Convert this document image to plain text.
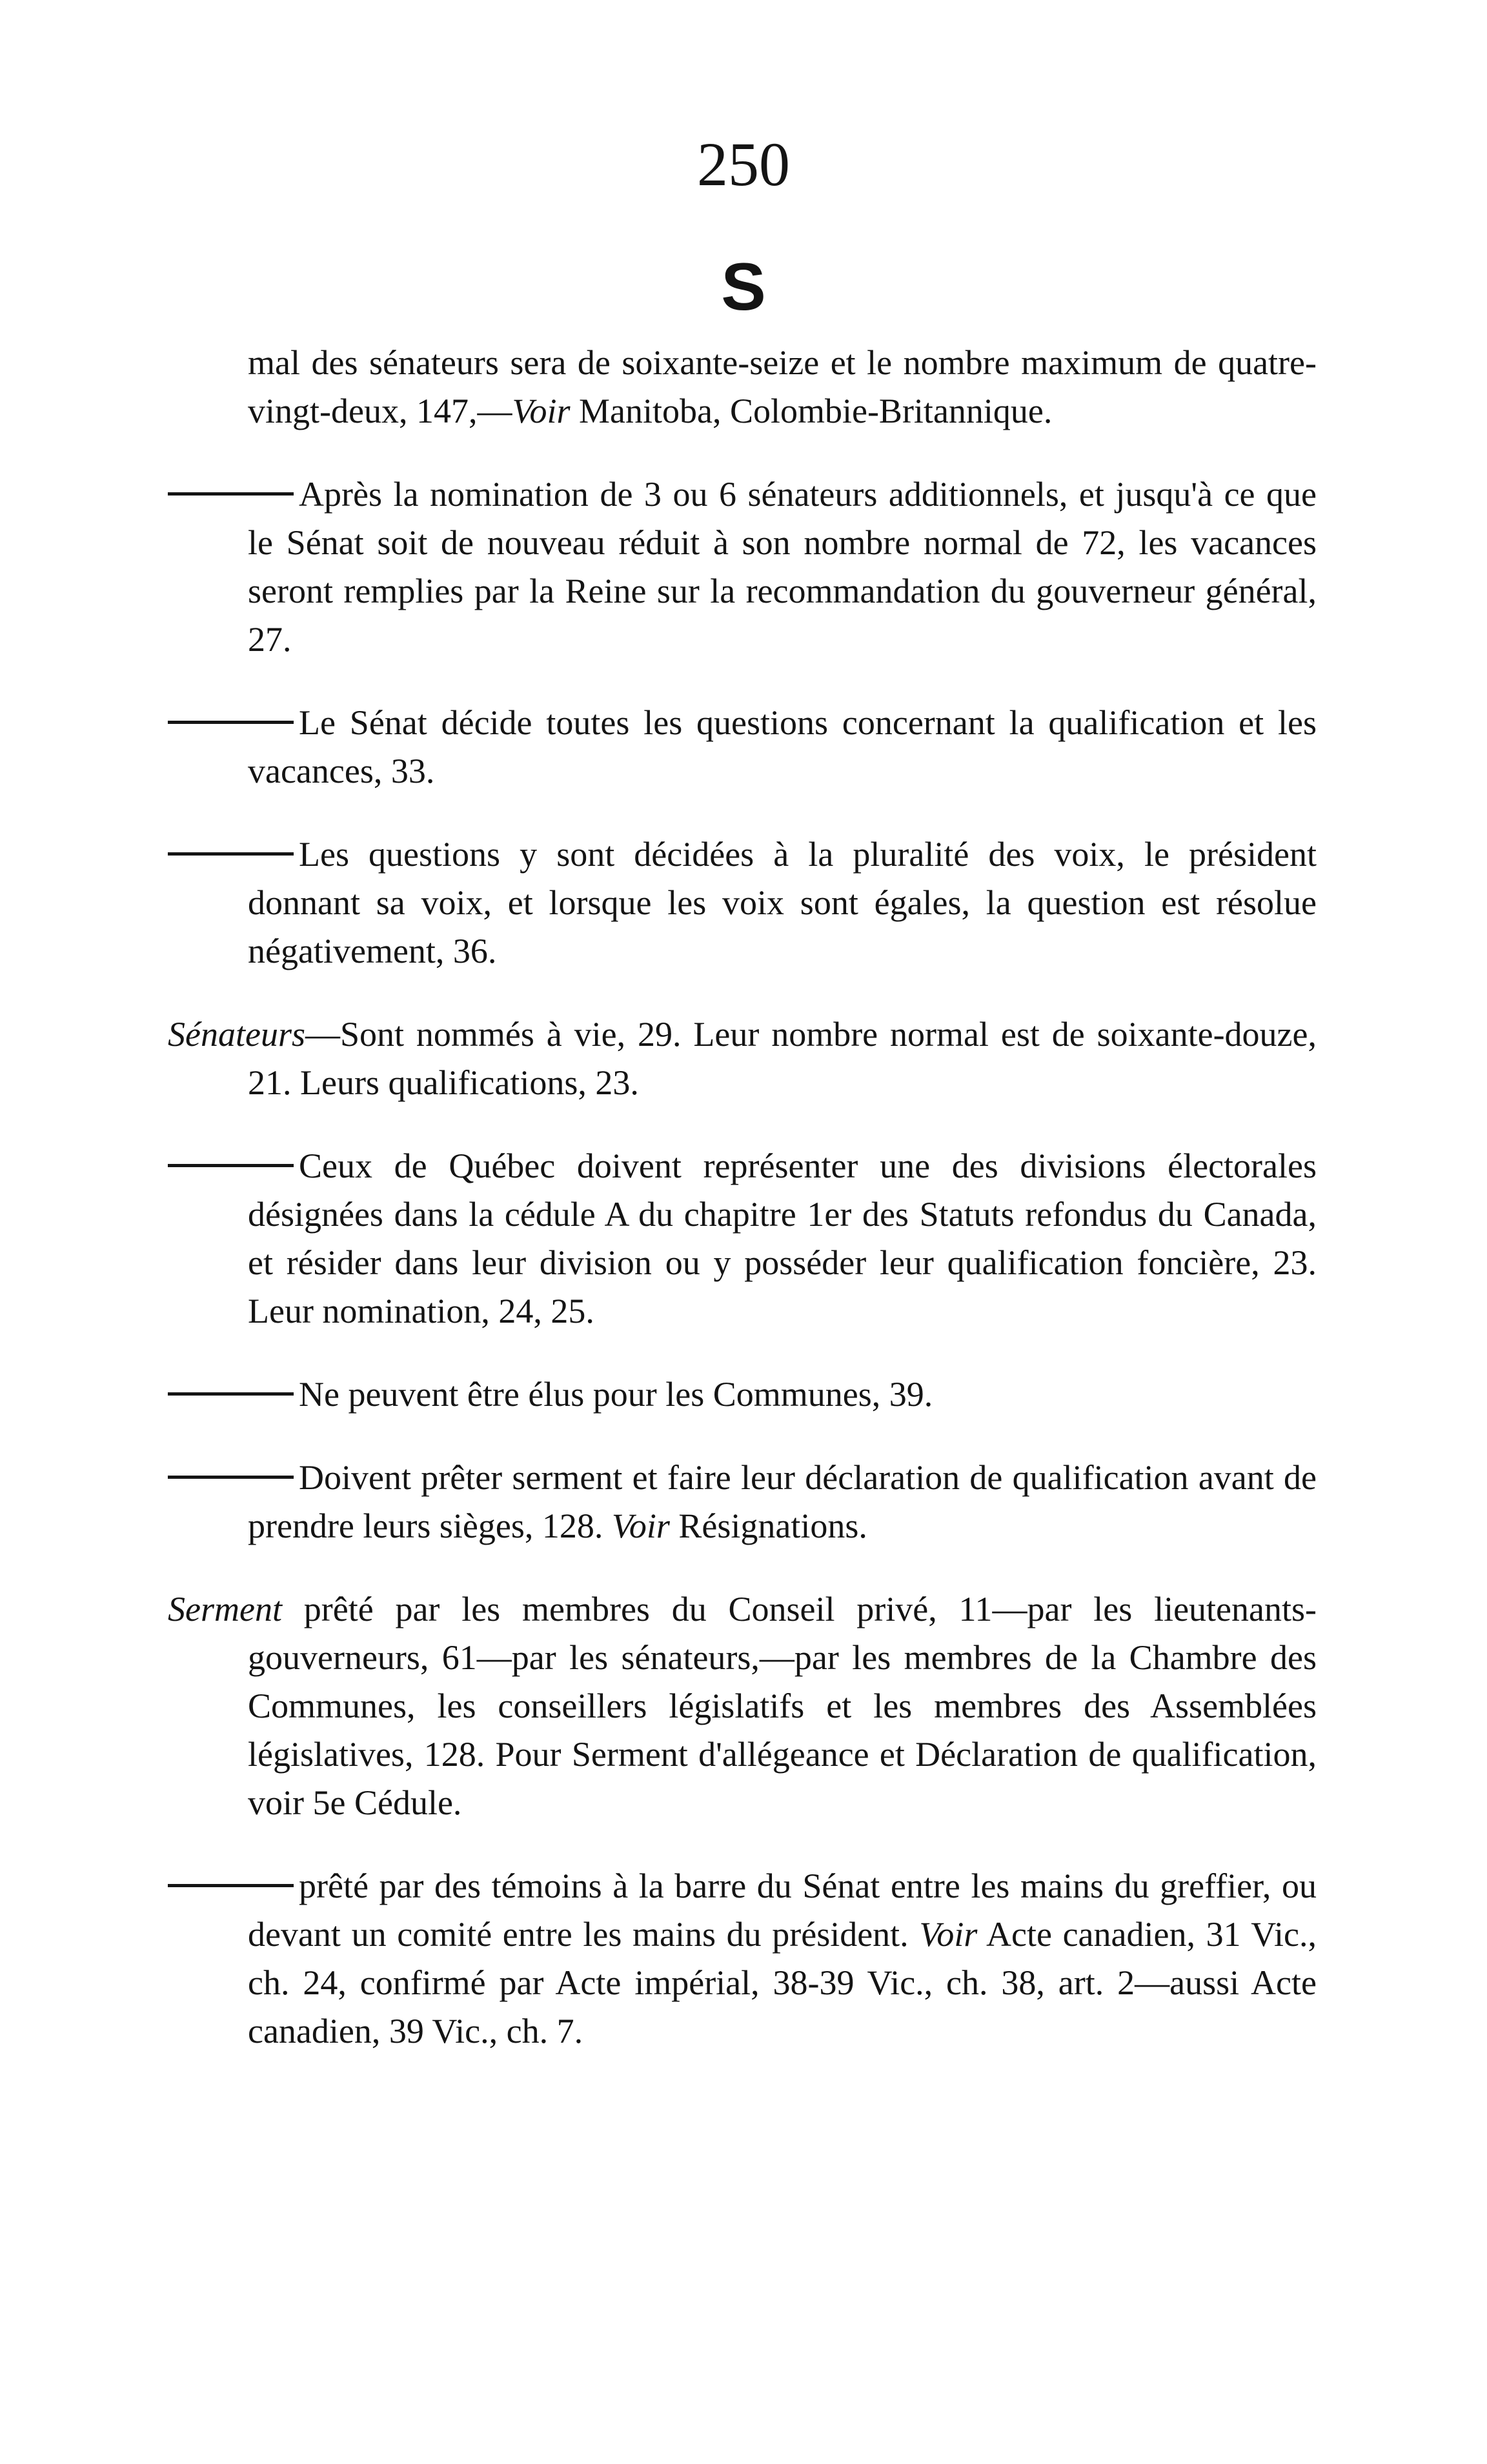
250
S

mal des sénateurs sera de soixante-seize et le nombre maximum de quatre-vingt-deux, 147,—Voir Manitoba, Colombie-Britannique.

Après la nomination de 3 ou 6 sénateurs additionnels, et jusqu'à ce que le Sénat soit de nouveau réduit à son nombre normal de 72, les vacances seront remplies par la Reine sur la recommandation du gouverneur général, 27.

Le Sénat décide toutes les questions concernant la qualification et les vacances, 33.

Les questions y sont décidées à la pluralité des voix, le président donnant sa voix, et lorsque les voix sont égales, la question est résolue négativement, 36.

Sénateurs—Sont nommés à vie, 29. Leur nombre normal est de soixante-douze, 21. Leurs qualifications, 23.

Ceux de Québec doivent représenter une des divisions électorales désignées dans la cédule A du chapitre 1er des Statuts refondus du Canada, et résider dans leur division ou y posséder leur qualification foncière, 23. Leur nomination, 24, 25.

Ne peuvent être élus pour les Communes, 39.

Doivent prêter serment et faire leur déclaration de qualification avant de prendre leurs sièges, 128. Voir Résignations.

Serment prêté par les membres du Conseil privé, 11—par les lieutenants-gouverneurs, 61—par les sénateurs,—par les membres de la Chambre des Communes, les conseillers législatifs et les membres des Assemblées législatives, 128. Pour Serment d'allégeance et Déclaration de qualification, voir 5e Cédule.

prêté par des témoins à la barre du Sénat entre les mains du greffier, ou devant un comité entre les mains du président. Voir Acte canadien, 31 Vic., ch. 24, confirmé par Acte impérial, 38-39 Vic., ch. 38, art. 2—aussi Acte canadien, 39 Vic., ch. 7.
